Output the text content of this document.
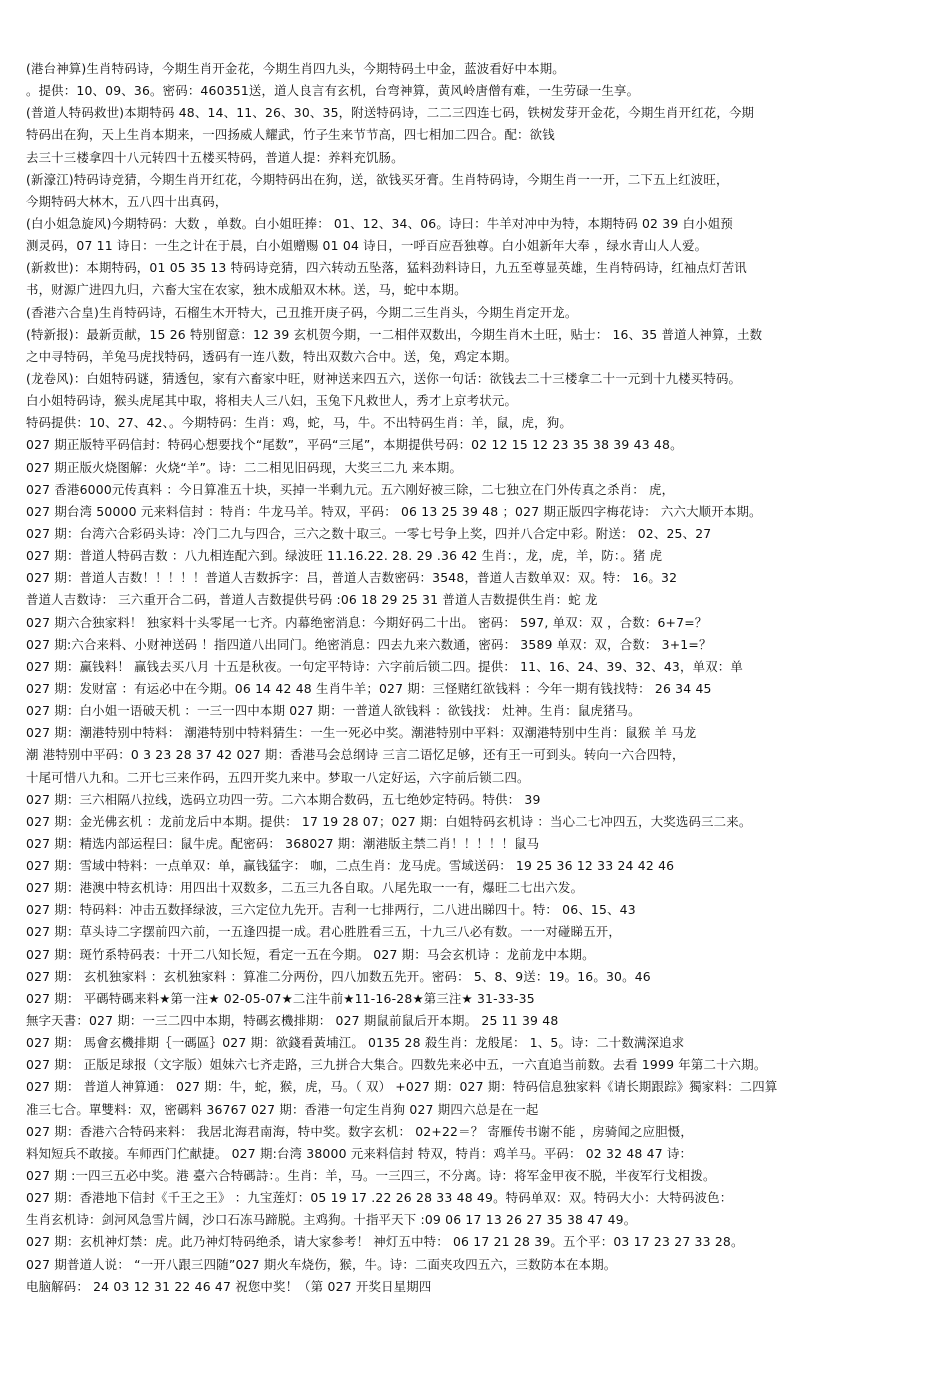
(港台神算)生肖特码诗，今期生肖开金花，今期生肖四九头，今期特码土中金，蓝波看好中本期。
。提供：10、09、36。密码：460351送，道人良言有玄机，台弯神算，黄风岭唐僧有难，一生劳碌一生享。
(普道人特码救世)本期特码 48、14、11、26、30、35，附送特码诗，二二三四连七码，铁树发芽开金花，今期生肖开红花，今期
特码出在狗，天上生肖本期来，一四扬威人耀武，竹子生来节节高，四七相加二四合。配：欲钱
去三十三楼拿四十八元转四十五楼买特码，普道人提：养料充饥肠。
(新濠江)特码诗竞猜，今期生肖开红花，今期特码出在狗，送，欲钱买牙膏。生肖特码诗，今期生肖一一开，二下五上红波旺，
今期特码大林木，五八四十出真码，
(白小姐急旋风)今期特码：大数 ，单数。白小姐旺捧： 01、12、34、06。诗曰：牛羊对冲中为特，本期特码 02 39 白小姐预
测灵码，07 11 诗日：一生之计在于晨，白小姐赠赐 01 04 诗日，一呼百应吾独尊。白小姐新年大奉 ，绿水青山人人爱。
(新救世)：本期特码，01 05 35 13 特码诗竞猜，四六转动五坠落，猛料劲料诗日，九五至尊显英雄，生肖特码诗，红袖点灯苦讯
书，财源广进四九归，六畜大宝在农家，独木成船双木林。送，马，蛇中本期。
(香港六合皇)生肖特码诗，石榴生木开特大，己丑推开庚子码，今期二三生肖头，今期生肖定开龙。
(特新报)：最新贡献，15 26 特别留意：12 39 玄机贺今期，一二相伴双数出，今期生肖木土旺，贴士： 16、35 普道人神算，土数
之中寻特码，羊兔马虎找特码，透码有一连八数，特出双数六合中。送，兔，鸡定本期。
(龙卷风)：白姐特码谜，猜透包，家有六畜家中旺，财神送来四五六，送你一句话：欲钱去二十三楼拿二十一元到十九楼买特码。
白小姐特码诗，猴头虎尾其中取，将相夫人三八妇，玉兔下凡救世人，秀才上京考状元。
特码提供：10、27、42、。今期特码：生肖：鸡，蛇，马，牛。不出特码生肖：羊，鼠，虎，狗。
027 期正版特平码信封：特码心想要找个“尾数”，平码“三尾”，本期提供号码：02 12 15 12 23 35 38 39 43 48。
027 期正版火烧图解：火烧“羊”。诗：二二相见旧码现，大奖三二九 来本期。
027 香港6000元传真料 ：今日算准五十块，买掉一半剩九元。五六刚好被三除，二七独立在门外传真之杀肖： 虎，
027 期台湾 50000 元来料信封 ：特肖：牛龙马羊。特双，平码： 06 13 25 39 48 ；027 期正版四字梅花诗： 六六大顺开本期。
027 期：台湾六合彩码头诗：冷门二九与四合，三六之数十取三。一零七号争上奖，四并八合定中彩。附送： 02、25、27
027 期：普道人特码吉数 ：八九相连配六到。绿波旺 11.16.22. 28. 29 .36 42 生肖：，龙，虎，羊，防：。猪 虎
027 期：普道人吉数！！！！！普道人吉数拆字：吕，普道人吉数密码：3548，普道人吉数单双：双。特： 16。32
普道人吉数诗： 三六重开合二码，普道人吉数提供号码 :06 18 29 25 31 普道人吉数提供生肖：蛇 龙
027 期六合独家料！ 独家料十头零尾一七齐。内幕绝密消息：今期好码二十出。 密码： 597, 单双：双 ，合数：6+7=？
027 期:六合来料、小财神送码 ！指四道八出同门。绝密消息：四去九来六数通，密码： 3589 单双：双，合数： 3+1=？
027 期：赢钱料！ 赢钱去买八月 十五是秋夜。一句定平特诗：六字前后锁二四。提供： 11、16、24、39、32、43，单双：单
027 期：发财富 ：有运必中在今期。06 14 42 48 生肖牛羊；027 期：三怪赌红欲钱料 ：今年一期有钱找特： 26 34 45
027 期：白小姐一语破天机 ：一三一四中本期 027 期：一普道人欲钱料 ：欲钱找： 灶神。生肖：鼠虎猪马。
027 期：潮港特别中特料： 潮港特别中特料猜生：一生一死必中奖。潮港特别中平料：双潮港特别中生肖：鼠猴 羊 马龙
潮 港特别中平码：0 3 23 28 37 42 027 期：香港马会总纲诗 三言二语忆足够，还有王一可到头。转向一六合四特，
十尾可惜八九和。二开七三来作码，五四开奖九来中。梦取一八定好运，六字前后锁二四。
027 期：三六相隔八拉线，选码立功四一劳。二六本期合数码，五七绝妙定特码。特供： 39
027 期：金光佛玄机 ：龙前龙后中本期。提供： 17 19 28 07；027 期：白姐特码玄机诗 ：当心二七冲四五，大奖选码三二来。
027 期：精选内部运程曰：鼠牛虎。配密码： 368027 期：潮港版主禁二肖！！！！！鼠马
027 期：雪域中特料：一点单双：单，赢钱猛字： 咖，二点生肖：龙马虎。雪域送码： 19 25 36 12 33 24 42 46
027 期：港澳中特玄机诗：用四出十双数多，二五三九各自取。八尾先取一一有，爆旺二七出六发。
027 期：特码料：冲击五数择绿波，三六定位九先开。吉利一七排两行，二八进出睇四十。特： 06、15、43
027 期：草头诗二字摆前四六前，一五逢四提一成。君心胜胜看三五，十九三八必有数。一一对碰睇五开，
027 期：斑竹系特码表：十开二八知长短，看定一五在今期。 027 期：马会玄机诗 ：龙前龙中本期。
027 期： 玄机独家料 ：玄机独家料 ：算准二分两份，四八加数五先开。密码： 5、8、9送：19。16。30。46
027 期： 平碼特碼来料★第一注★ 02-05-07★二注牛前★11-16-28★第三注★ 31-33-35
無字天書：027 期：一三二四中本期，特碼玄機排期： 027 期鼠前鼠后开本期。 25 11 39 48
027 期： 馬會玄機排期｛一碼區｝027 期：欲錢看黃埔江。 0135 28 殺生肖：龙般尾： 1、5。诗：二十数满深追求
027 期： 正版足球报（文字版）姐妹六七齐走路，三九拼合大集合。四数先来必中五，一六直追当前数。去看 1999 年第二十六期。
027 期： 普道人神算通： 027 期：牛，蛇，猴，虎，马。（ 双） +027 期：027 期：特码信息独家料《请长期跟踪》獨家料：二四算
准三七合。單雙料：双，密碼料 36767 027 期：香港一句定生肖狗 027 期四六总是在一起
027 期：香港六合特码来料： 我居北海君南海，特中奖。数字玄机： 02+22＝？ 寄雁传书谢不能 ，房骑闻之应胆慑，
料知短兵不敢接。车师西门伫献捷。 027 期:台湾 38000 元来料信封 特双，特肖：鸡羊马。平码： 02 32 48 47 诗：
027 期 :一四三五必中奖。港 臺六合特碼詩：。生肖：羊，马。一三四三，不分离。诗：将军金甲夜不脱，半夜军行戈相拨。
027 期：香港地下信封《千王之王》 ：九宝莲灯：05 19 17 .22 26 28 33 48 49。特码单双：双。特码大小：大特码波色：
生肖玄机诗：剑河风急雪片阔，沙口石冻马蹄脱。主鸡狗。十指平天下 :09 06 17 13 26 27 35 38 47 49。
027 期：玄机神灯禁：虎。此乃神灯特码绝杀，请大家参考！ 神灯五中特： 06 17 21 28 39。五个平：03 17 23 27 33 28。
027 期普道人说： “一开八跟三四随”027 期火车烧伤，猴，牛。诗：二面夹攻四五六，三数防本在本期。
电脑解码： 24 03 12 31 22 46 47 祝您中奖！（第 027 开奖日星期四
